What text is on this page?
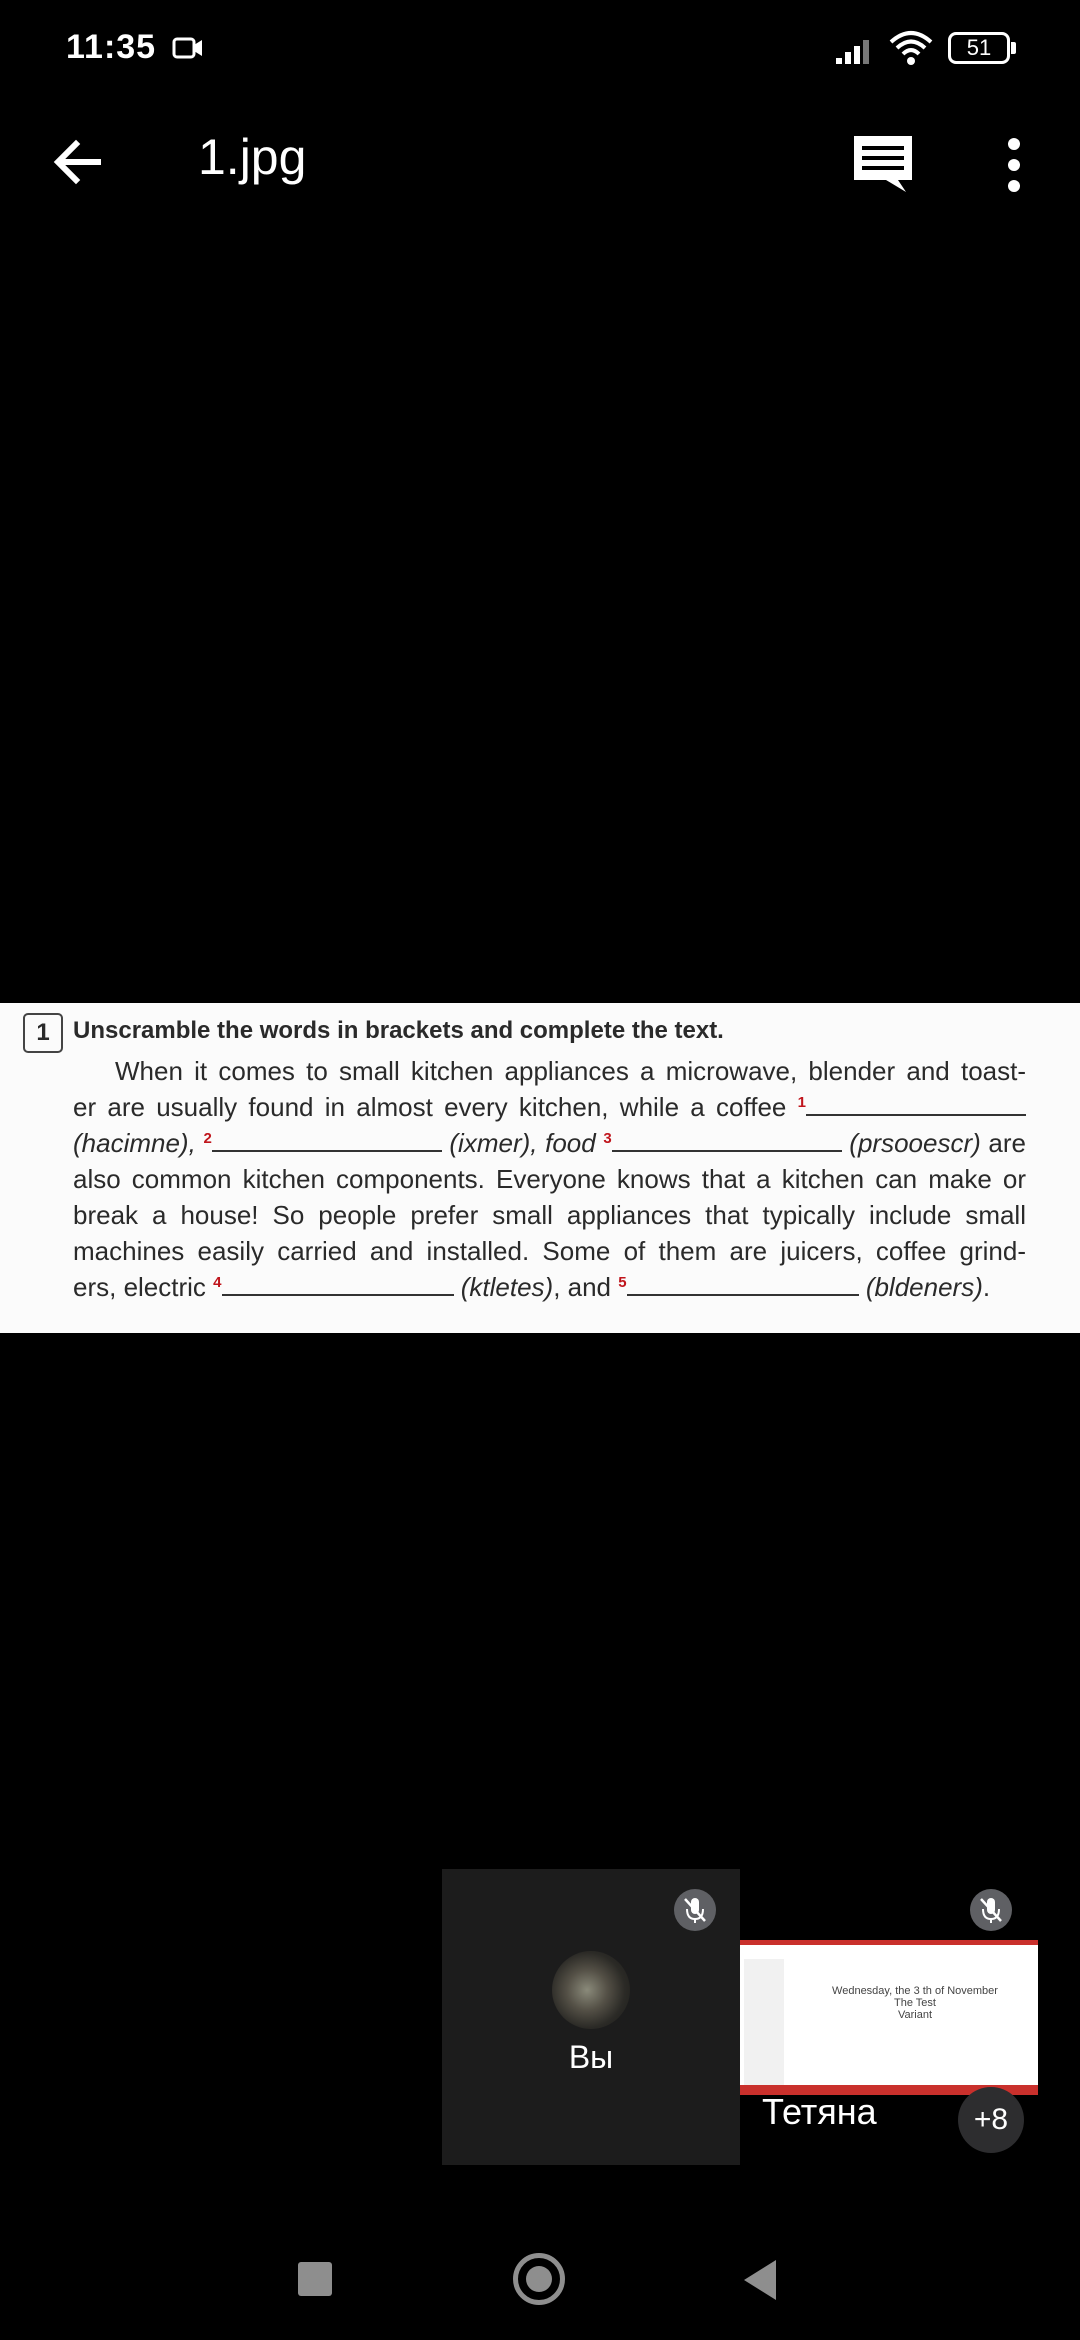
11:35	51
1.jpg
1 Unscramble the words in brackets and complete the text.
When it comes to small kitchen appliances a microwave, blender and toast-
er are usually found in almost every kitchen, while a coffee $^1$
(hacimne), $^2$	(ixmer), food $^3$	(prsooescr) are
also common kitchen components. Everyone knows that a kitchen can make or
break a house! So people prefer small appliances that typically include small
machines easily carried and installed. Some of them are juicers, coffee grind-
ers, electric $^4$	(ktletes), and $^5$	(bldeners).
Вы
Wednesday, the 3 th of November
The Test
Variant
Тетяна	+8
